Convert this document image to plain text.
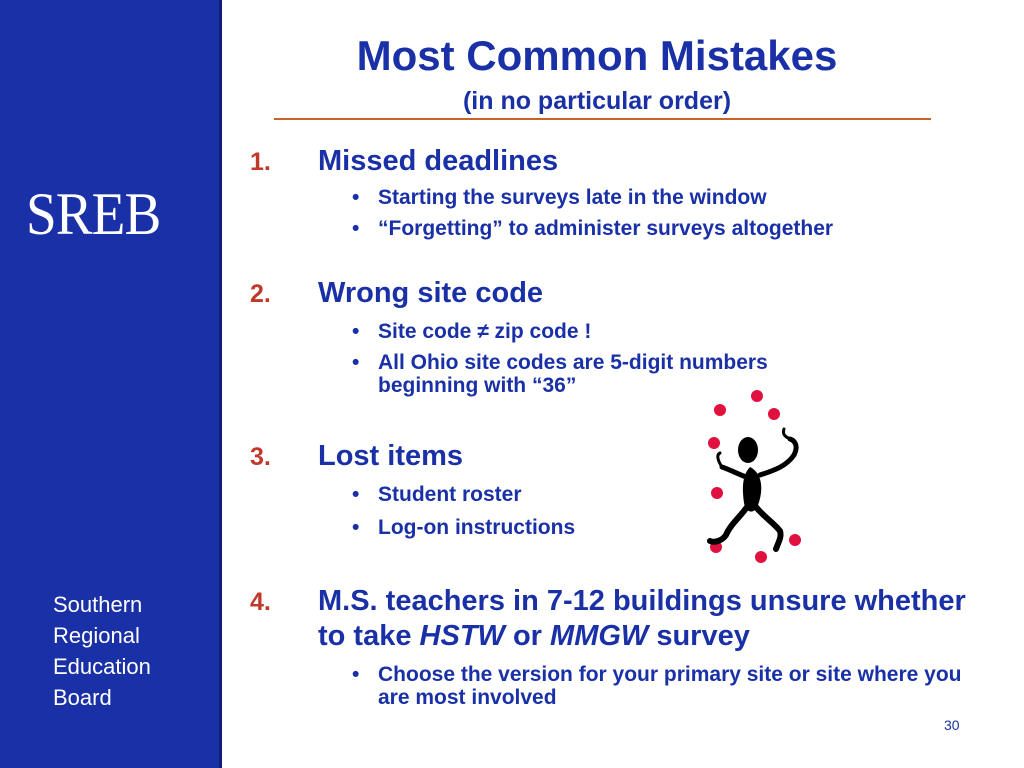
SREB
Southern
Regional
Education
Board
Most Common Mistakes
(in no particular order)
1. Missed deadlines
• Starting the surveys late in the window
• “Forgetting” to administer surveys altogether
2. Wrong site code
• Site code ≠ zip code !
• All Ohio site codes are 5-digit numbers beginning with “36”
3. Lost items
• Student roster
• Log-on instructions
4. M.S. teachers in 7-12 buildings unsure whether to take HSTW or MMGW survey
• Choose the version for your primary site or site where you are most involved
30
